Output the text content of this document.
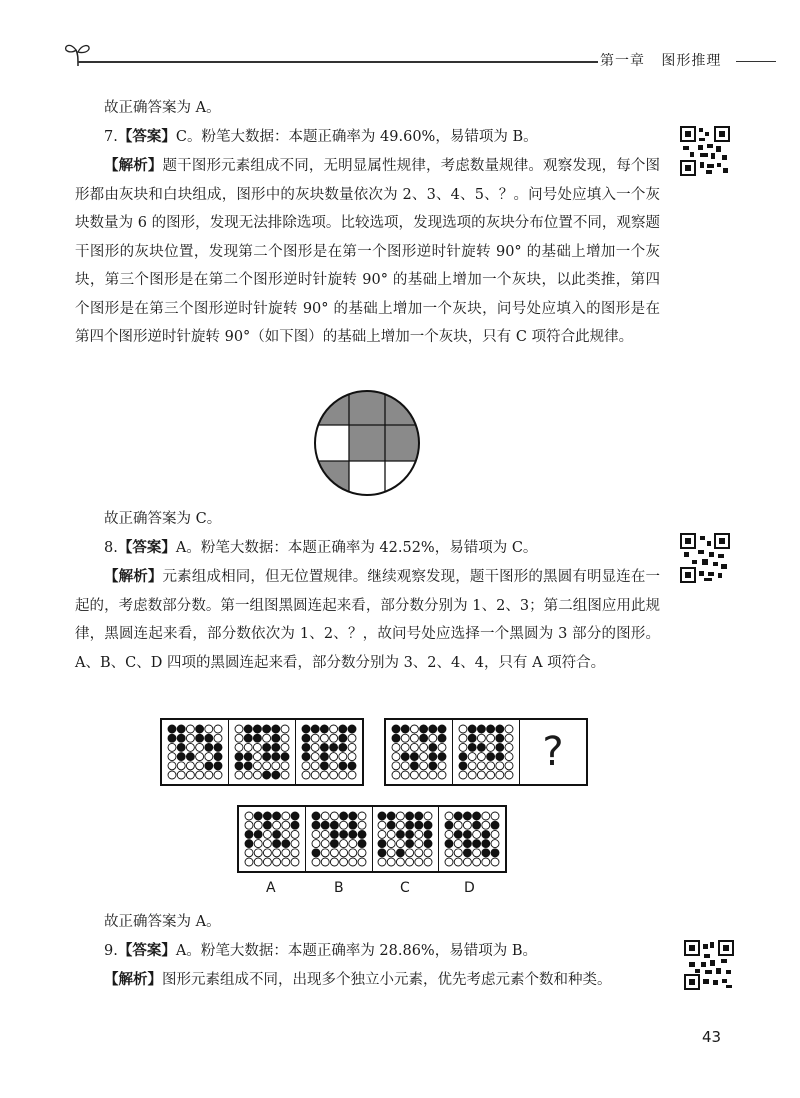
第一章 图形推理
故正确答案为 A。
7.【答案】C。粉笔大数据：本题正确率为 49.60%，易错项为 B。
【解析】题干图形元素组成不同，无明显属性规律，考虑数量规律。观察发现，每个图形都由灰块和白块组成，图形中的灰块数量依次为 2、3、4、5、？。问号处应填入一个灰块数量为 6 的图形，发现无法排除选项。比较选项，发现选项的灰块分布位置不同，观察题干图形的灰块位置，发现第二个图形是在第一个图形逆时针旋转 90° 的基础上增加一个灰块，第三个图形是在第二个图形逆时针旋转 90° 的基础上增加一个灰块，以此类推，第四个图形是在第三个图形逆时针旋转 90° 的基础上增加一个灰块，问号处应填入的图形是在第四个图形逆时针旋转 90°（如下图）的基础上增加一个灰块，只有 C 项符合此规律。
故正确答案为 C。
8.【答案】A。粉笔大数据：本题正确率为 42.52%，易错项为 C。
【解析】元素组成相同，但无位置规律。继续观察发现，题干图形的黑圆有明显连在一起的，考虑数部分数。第一组图黑圆连起来看，部分数分别为 1、2、3；第二组图应用此规律，黑圆连起来看，部分数依次为 1、2、？，故问号处应选择一个黑圆为 3 部分的图形。A、B、C、D 四项的黑圆连起来看，部分数分别为 3、2、4、4，只有 A 项符合。
?
A	B	C	D
故正确答案为 A。
9.【答案】A。粉笔大数据：本题正确率为 28.86%，易错项为 B。
【解析】图形元素组成不同，出现多个独立小元素，优先考虑元素个数和种类。
43
